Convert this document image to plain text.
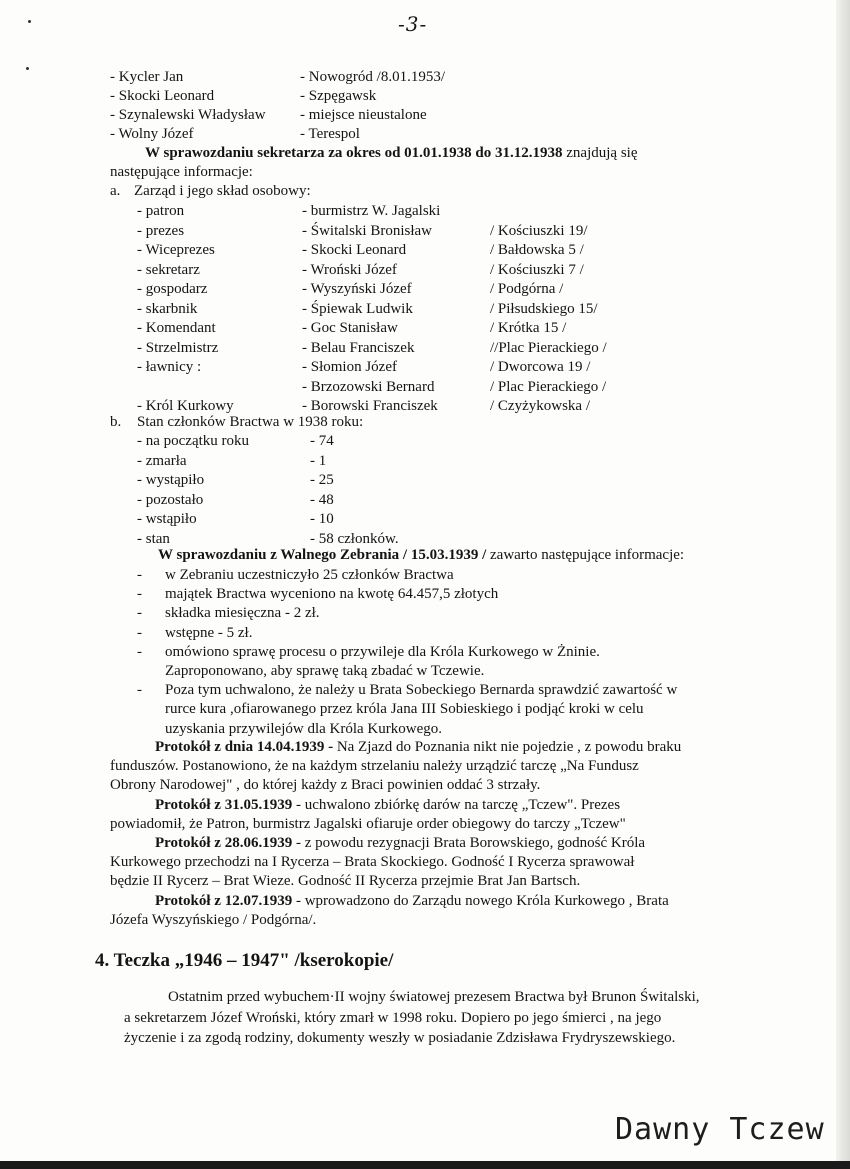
-3-
- Kycler Jan	- Nowogród /8.01.1953/
- Skocki Leonard	- Szpęgawsk
- Szynalewski Władysław - miejsce nieustalone
- Wolny Józef	- Terespol
W sprawozdaniu sekretarza za okres od 01.01.1938 do 31.12.1938 znajdują się
następujące informacje:
a. Zarząd i jego skład osobowy:
- patron	- burmistrz W. Jagalski
- prezes	- Świtalski Bronisław	/ Kościuszki 19/
- Wiceprezes	- Skocki Leonard	/ Bałdowska 5 /
- sekretarz	- Wroński Józef	/ Kościuszki 7 /
- gospodarz	- Wyszyński Józef	/ Podgórna /
- skarbnik	- Śpiewak Ludwik	/ Piłsudskiego 15/
- Komendant	- Goc Stanisław	/ Krótka 15 /
- Strzelmistrz	- Belau Franciszek	//Plac Pierackiego /
- ławnicy :	- Słomion Józef	/ Dworcowa 19 /
- Brzozowski Bernard	/ Plac Pierackiego /
- Król Kurkowy	- Borowski Franciszek	/ Czyżykowska /
b. Stan członków Bractwa w 1938 roku:
- na początku roku	- 74
- zmarła	- 1
- wystąpiło	- 25
- pozostało	- 48
- wstąpiło	- 10
- stan	- 58 członków.
W sprawozdaniu z Walnego Zebrania / 15.03.1939 / zawarto następujące informacje:
- w Zebraniu uczestniczyło 25 członków Bractwa
- majątek Bractwa wyceniono na kwotę 64.457,5 złotych
- składka miesięczna - 2 zł.
- wstępne - 5 zł.
- omówiono sprawę procesu o przywileje dla Króla Kurkowego w Żninie.
Zaproponowano, aby sprawę taką zbadać w Tczewie.
- Poza tym uchwalono, że należy u Brata Sobeckiego Bernarda sprawdzić zawartość w
rurce kura ,ofiarowanego przez króla Jana III Sobieskiego i podjąć kroki w celu
uzyskania przywilejów dla Króla Kurkowego.
Protokół z dnia 14.04.1939 - Na Zjazd do Poznania nikt nie pojedzie , z powodu braku
funduszów. Postanowiono, że na każdym strzelaniu należy urządzić tarczę „Na Fundusz
Obrony Narodowej" , do której każdy z Braci powinien oddać 3 strzały.
Protokół z 31.05.1939 - uchwalono zbiórkę darów na tarczę „Tczew". Prezes
powiadomił, że Patron, burmistrz Jagalski ofiaruje order obiegowy do tarczy „Tczew"
Protokół z 28.06.1939 - z powodu rezygnacji Brata Borowskiego, godność Króla
Kurkowego przechodzi na I Rycerza – Brata Skockiego. Godność I Rycerza sprawował
będzie II Rycerz – Brat Wieze. Godność II Rycerza przejmie Brat Jan Bartsch.
Protokół z 12.07.1939 - wprowadzono do Zarządu nowego Króla Kurkowego , Brata
Józefa Wyszyńskiego / Podgórna/.
4. Teczka „1946 – 1947" /kserokopie/
Ostatnim przed wybuchem·II wojny światowej prezesem Bractwa był Brunon Świtalski,
a sekretarzem Józef Wroński, który zmarł w 1998 roku. Dopiero po jego śmierci , na jego
życzenie i za zgodą rodziny, dokumenty weszły w posiadanie Zdzisława Frydryszewskiego.
Dawny Tczew
